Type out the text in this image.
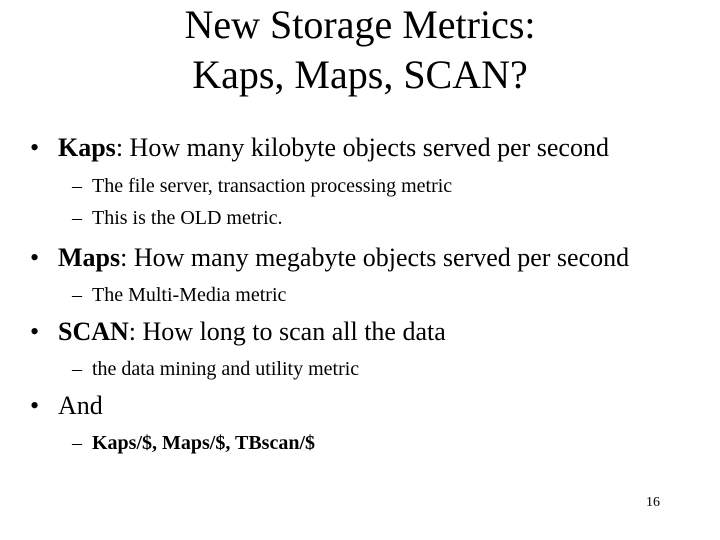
New Storage Metrics:
Kaps, Maps, SCAN?
• Kaps: How many kilobyte objects served per second
– The file server, transaction processing metric
– This is the OLD metric.
• Maps: How many megabyte objects served per second
– The Multi-Media metric
• SCAN: How long to scan all the data
– the data mining and utility metric
• And
– Kaps/$, Maps/$, TBscan/$
16
